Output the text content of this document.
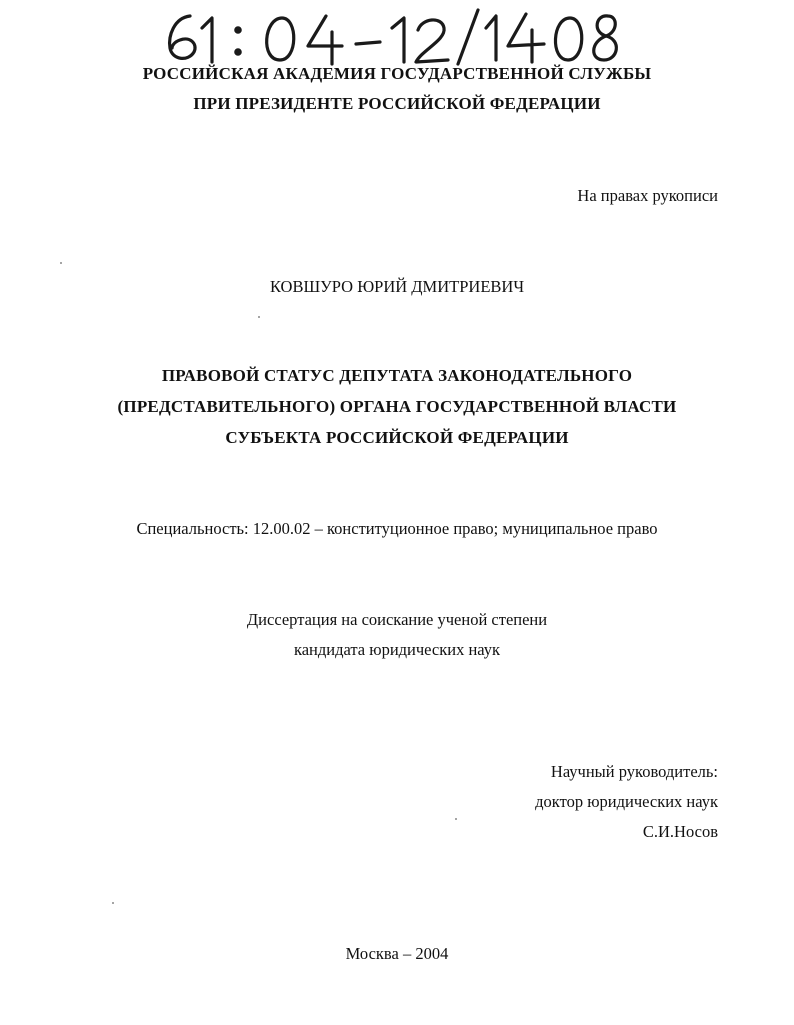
РОССИЙСКАЯ АКАДЕМИЯ ГОСУДАРСТВЕННОЙ СЛУЖБЫ
ПРИ ПРЕЗИДЕНТЕ РОССИЙСКОЙ ФЕДЕРАЦИИ
На правах рукописи
КОВШУРО ЮРИЙ ДМИТРИЕВИЧ
ПРАВОВОЙ СТАТУС ДЕПУТАТА ЗАКОНОДАТЕЛЬНОГО
(ПРЕДСТАВИТЕЛЬНОГО) ОРГАНА ГОСУДАРСТВЕННОЙ ВЛАСТИ
СУБЪЕКТА РОССИЙСКОЙ ФЕДЕРАЦИИ
Специальность: 12.00.02 – конституционное право; муниципальное право
Диссертация на соискание ученой степени
кандидата юридических наук
Научный руководитель:
доктор юридических наук
С.И.Носов
Москва – 2004
